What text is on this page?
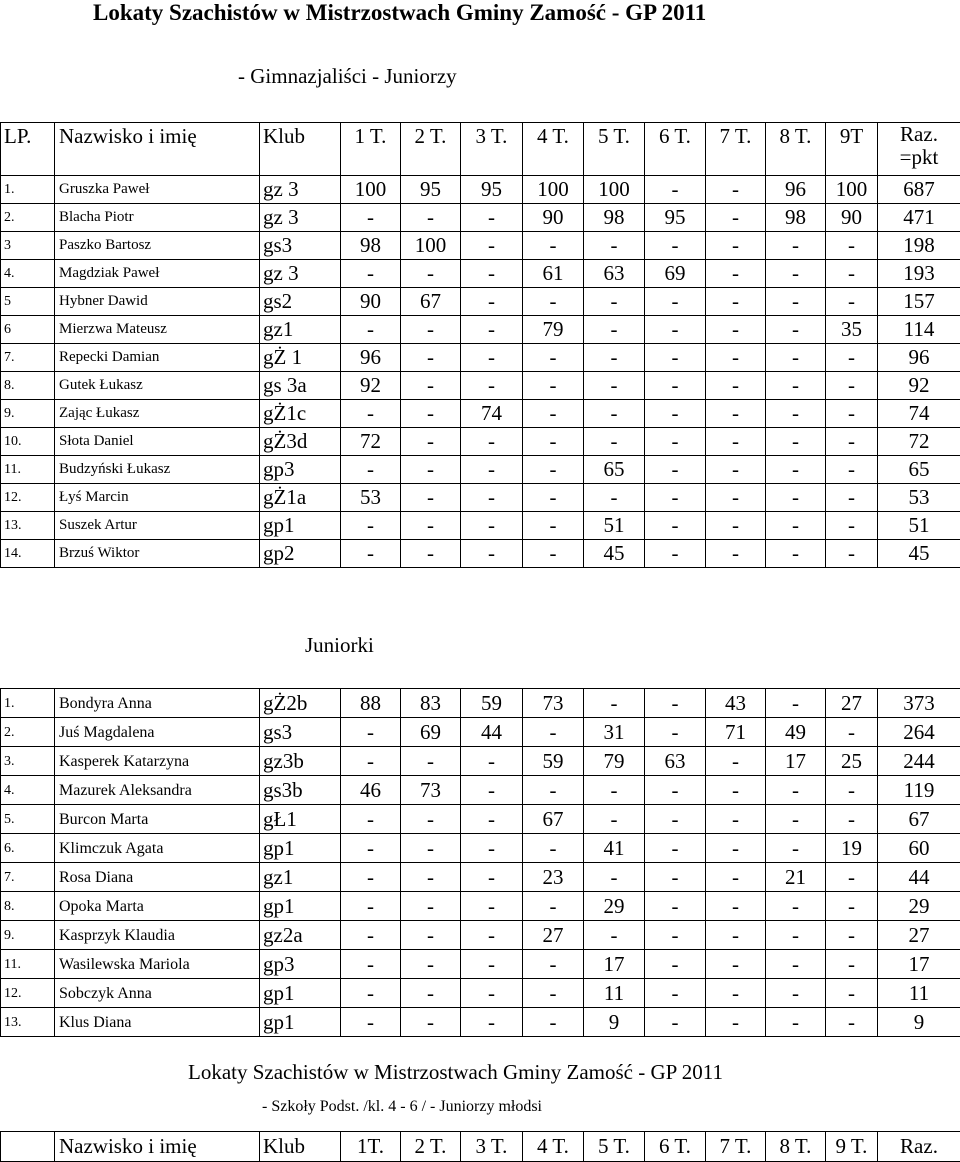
Lokaty Szachistów w Mistrzostwach Gminy Zamość - GP 2011
- Gimnazjaliści - Juniorzy
LP.	Nazwisko i imię	Klub	1 T.	2 T.	3 T.	4 T.	5 T.	6 T.	7 T.	8 T.	9T	Raz.
=pkt
1.	Gruszka Paweł	gz 3	100	95	95	100	100	-	-	96	100	687
2.	Blacha Piotr	gz 3	-	-	-	90	98	95	-	98	90	471
3	Paszko Bartosz	gs3	98	100	-	-	-	-	-	-	-	198
4.	Magdziak Paweł	gz 3	-	-	-	61	63	69	-	-	-	193
5	Hybner Dawid	gs2	90	67	-	-	-	-	-	-	-	157
6	Mierzwa Mateusz	gz1	-	-	-	79	-	-	-	-	35	114
7.	Repecki Damian	gŻ 1	96	-	-	-	-	-	-	-	-	96
8.	Gutek Łukasz	gs 3a	92	-	-	-	-	-	-	-	-	92
9.	Zając Łukasz	gŻ1c	-	-	74	-	-	-	-	-	-	74
10.	Słota Daniel	gŻ3d	72	-	-	-	-	-	-	-	-	72
11.	Budzyński Łukasz	gp3	-	-	-	-	65	-	-	-	-	65
12.	Łyś Marcin	gŻ1a	53	-	-	-	-	-	-	-	-	53
13.	Suszek Artur	gp1	-	-	-	-	51	-	-	-	-	51
14.	Brzuś Wiktor	gp2	-	-	-	-	45	-	-	-	-	45
Juniorki
1.	Bondyra Anna	gŻ2b	88	83	59	73	-	-	43	-	27	373
2.	Juś Magdalena	gs3	-	69	44	-	31	-	71	49	-	264
3.	Kasperek Katarzyna	gz3b	-	-	-	59	79	63	-	17	25	244
4.	Mazurek Aleksandra	gs3b	46	73	-	-	-	-	-	-	-	119
5.	Burcon Marta	gŁ1	-	-	-	67	-	-	-	-	-	67
6.	Klimczuk Agata	gp1	-	-	-	-	41	-	-	-	19	60
7.	Rosa Diana	gz1	-	-	-	23	-	-	-	21	-	44
8.	Opoka Marta	gp1	-	-	-	-	29	-	-	-	-	29
9.	Kasprzyk Klaudia	gz2a	-	-	-	27	-	-	-	-	-	27
11.	Wasilewska Mariola	gp3	-	-	-	-	17	-	-	-	-	17
12.	Sobczyk Anna	gp1	-	-	-	-	11	-	-	-	-	11
13.	Klus Diana	gp1	-	-	-	-	9	-	-	-	-	9
Lokaty Szachistów w Mistrzostwach Gminy Zamość - GP 2011
- Szkoły Podst. /kl. 4 - 6 / - Juniorzy młodsi
	Nazwisko i imię	Klub	1T.	2 T.	3 T.	4 T.	5 T.	6 T.	7 T.	8 T.	9 T.	Raz.
